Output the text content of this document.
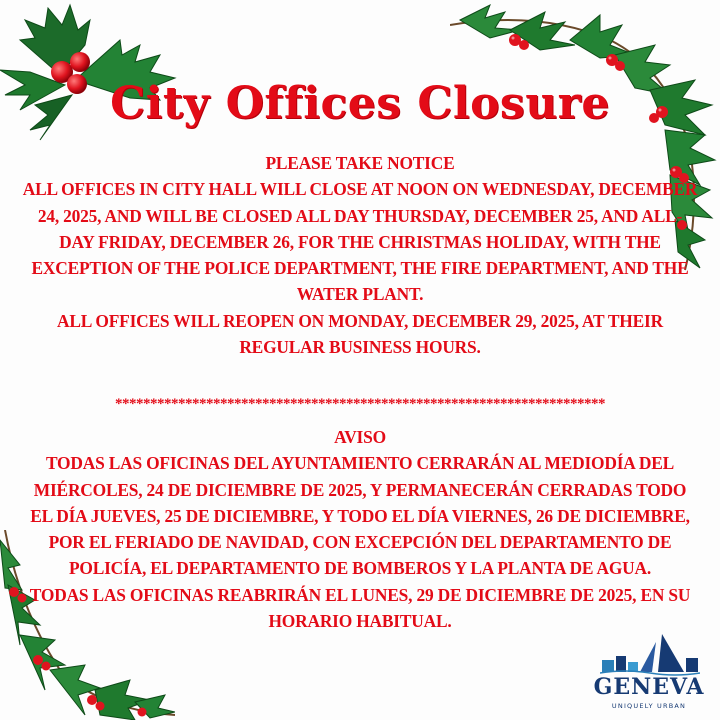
City Offices Closure

PLEASE TAKE NOTICE

ALL OFFICES IN CITY HALL WILL CLOSE AT NOON ON WEDNESDAY, DECEMBER 24, 2025, AND WILL BE CLOSED ALL DAY THURSDAY, DECEMBER 25, AND ALL-DAY FRIDAY, DECEMBER 26, FOR THE CHRISTMAS HOLIDAY, WITH THE EXCEPTION OF THE POLICE DEPARTMENT, THE FIRE DEPARTMENT, AND THE WATER PLANT.

ALL OFFICES WILL REOPEN ON MONDAY, DECEMBER 29, 2025, AT THEIR REGULAR BUSINESS HOURS.

**********************************************************************

AVISO

TODAS LAS OFICINAS DEL AYUNTAMIENTO CERRARÁN AL MEDIODÍA DEL MIÉRCOLES, 24 DE DICIEMBRE DE 2025, Y PERMANECERÁN CERRADAS TODO EL DÍA JUEVES, 25 DE DICIEMBRE, Y TODO EL DÍA VIERNES, 26 DE DICIEMBRE, POR EL FERIADO DE NAVIDAD, CON EXCEPCIÓN DEL DEPARTAMENTO DE POLICÍA, EL DEPARTAMENTO DE BOMBEROS Y LA PLANTA DE AGUA.

TODAS LAS OFICINAS REABRIRÁN EL LUNES, 29 DE DICIEMBRE DE 2025, EN SU HORARIO HABITUAL.

GENEVA
UNIQUELY URBAN
